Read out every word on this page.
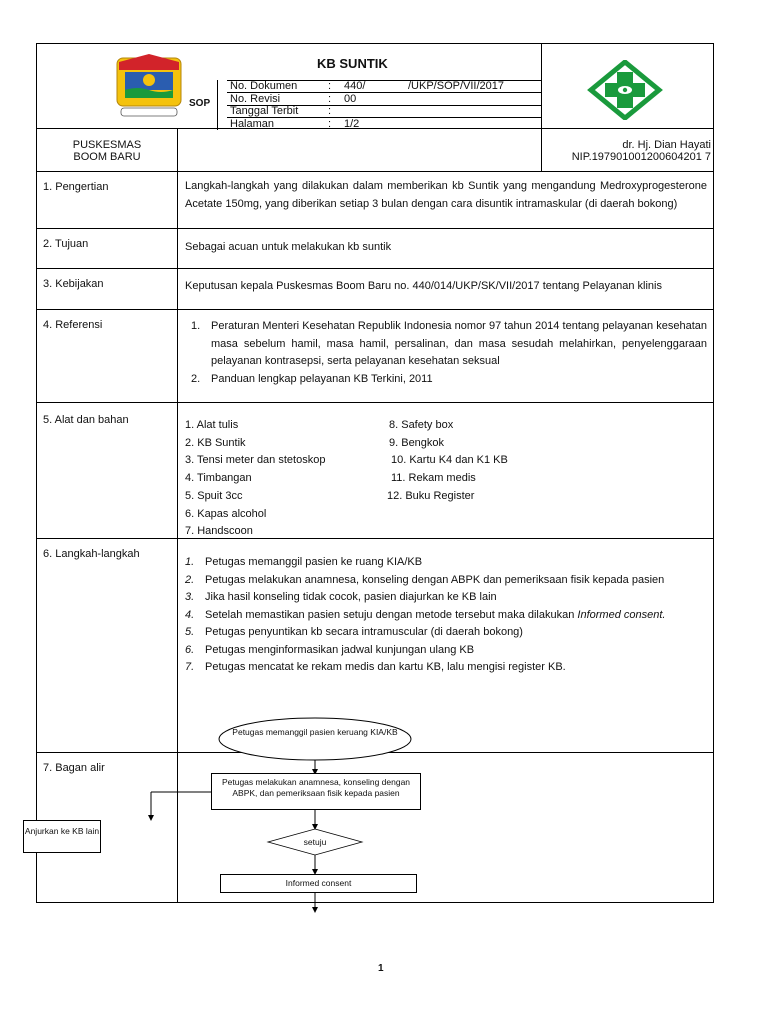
KB SUNTIK
SOP
No. Dokumen	: 440/	/UKP/SOP/VII/2017
No. Revisi	: 00
Tanggal Terbit	:
Halaman	: 1/2
PUSKESMAS
BOOM BARU
dr. Hj. Dian Hayati
NIP.197901001200604201 7
1. Pengertian	Langkah-langkah yang dilakukan dalam memberikan kb Suntik yang mengandung Medroxyprogesterone Acetate 150mg, yang diberikan setiap 3 bulan dengan cara disuntik intramaskular (di daerah bokong)
2. Tujuan	Sebagai acuan untuk melakukan kb suntik
3. Kebijakan	Keputusan kepala Puskesmas Boom Baru no. 440/014/UKP/SK/VII/2017 tentang Pelayanan klinis
4. Referensi	1. Peraturan Menteri Kesehatan Republik Indonesia nomor 97 tahun 2014 tentang pelayanan kesehatan masa sebelum hamil, masa hamil, persalinan, dan masa sesudah melahirkan, penyelenggaraan pelayanan kontrasepsi, serta pelayanan kesehatan seksual
2. Panduan lengkap pelayanan KB Terkini, 2011
5. Alat dan bahan	1. Alat tulis
2. KB Suntik
3. Tensi meter dan stetoskop
4. Timbangan
5. Spuit 3cc
6. Kapas alcohol
7. Handscoon
8. Safety box
9. Bengkok
10. Kartu K4 dan K1 KB
11. Rekam medis
12. Buku Register
6. Langkah-langkah
1. Petugas memanggil pasien ke ruang KIA/KB
2. Petugas melakukan anamnesa, konseling dengan ABPK dan pemeriksaan fisik kepada pasien
3. Jika hasil konseling tidak cocok, pasien diajurkan ke KB lain
4. Setelah memastikan pasien setuju dengan metode tersebut maka dilakukan Informed consent.
5. Petugas penyuntikan kb secara intramuscular (di daerah bokong)
6. Petugas menginformasikan jadwal kunjungan ulang KB
7. Petugas mencatat ke rekam medis dan kartu KB, lalu mengisi register KB.
7. Bagan alir
Petugas memanggil pasien keruang KIA/KB
Petugas melakukan anamnesa, konseling dengan ABPK, dan pemeriksaan fisik kepada pasien
setuju
Anjurkan ke KB lain
Informed consent
1
